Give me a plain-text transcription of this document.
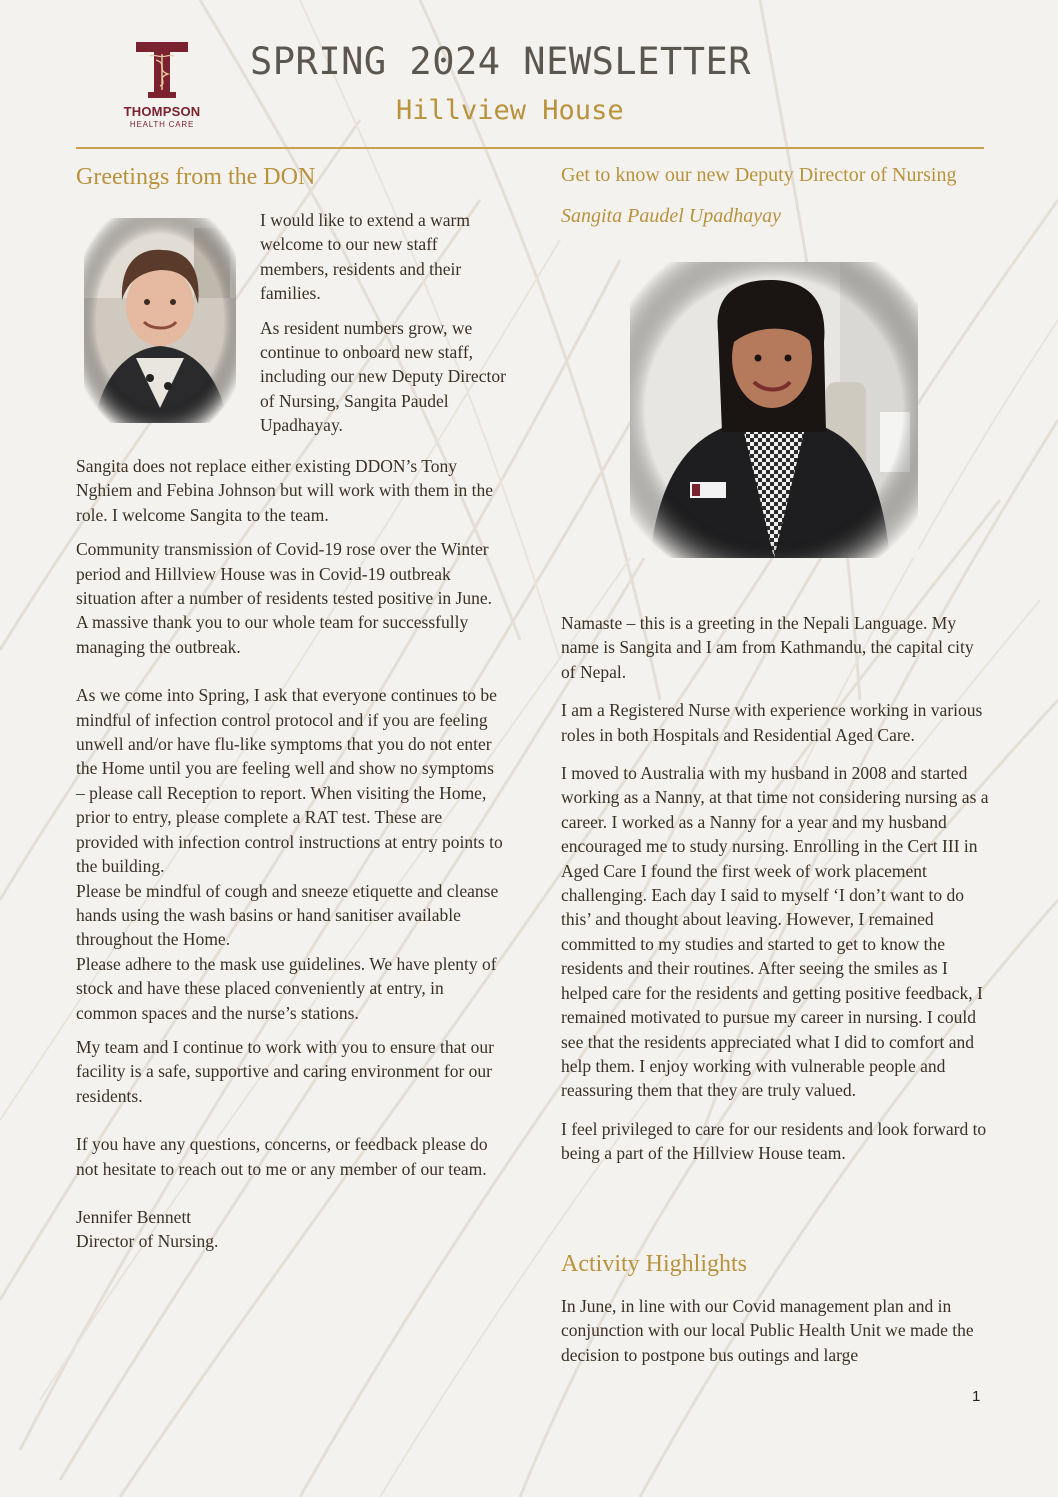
THOMPSON
HEALTH CARE
SPRING 2024 NEWSLETTER
Hillview House
Greetings from the DON

I would like to extend a warm welcome to our new staff members, residents and their families.

As resident numbers grow, we continue to onboard new staff, including our new Deputy Director of Nursing, Sangita Paudel Upadhayay.

Sangita does not replace either existing DDON’s Tony Nghiem and Febina Johnson but will work with them in the role. I welcome Sangita to the team.

Community transmission of Covid-19 rose over the Winter period and Hillview House was in Covid-19 outbreak situation after a number of residents tested positive in June. A massive thank you to our whole team for successfully managing the outbreak.

As we come into Spring, I ask that everyone continues to be mindful of infection control protocol and if you are feeling unwell and/or have flu-like symptoms that you do not enter the Home until you are feeling well and show no symptoms – please call Reception to report. When visiting the Home, prior to entry, please complete a RAT test. These are provided with infection control instructions at entry points to the building.

Please be mindful of cough and sneeze etiquette and cleanse hands using the wash basins or hand sanitiser available throughout the Home.

Please adhere to the mask use guidelines. We have plenty of stock and have these placed conveniently at entry, in common spaces and the nurse’s stations.

My team and I continue to work with you to ensure that our facility is a safe, supportive and caring environment for our residents.

If you have any questions, concerns, or feedback please do not hesitate to reach out to me or any member of our team.

Jennifer Bennett

Director of Nursing.

Get to know our new Deputy Director of Nursing
Sangita Paudel Upadhayay

Namaste – this is a greeting in the Nepali Language. My name is Sangita and I am from Kathmandu, the capital city of Nepal.

I am a Registered Nurse with experience working in various roles in both Hospitals and Residential Aged Care.

I moved to Australia with my husband in 2008 and started working as a Nanny, at that time not considering nursing as a career. I worked as a Nanny for a year and my husband encouraged me to study nursing. Enrolling in the Cert III in Aged Care I found the first week of work placement challenging. Each day I said to myself ‘I don’t want to do this’ and thought about leaving. However, I remained committed to my studies and started to get to know the residents and their routines. After seeing the smiles as I helped care for the residents and getting positive feedback, I remained motivated to pursue my career in nursing. I could see that the residents appreciated what I did to comfort and help them. I enjoy working with vulnerable people and reassuring them that they are truly valued.

I feel privileged to care for our residents and look forward to being a part of the Hillview House team.

Activity Highlights

In June, in line with our Covid management plan and in conjunction with our local Public Health Unit we made the decision to postpone bus outings and large

1
